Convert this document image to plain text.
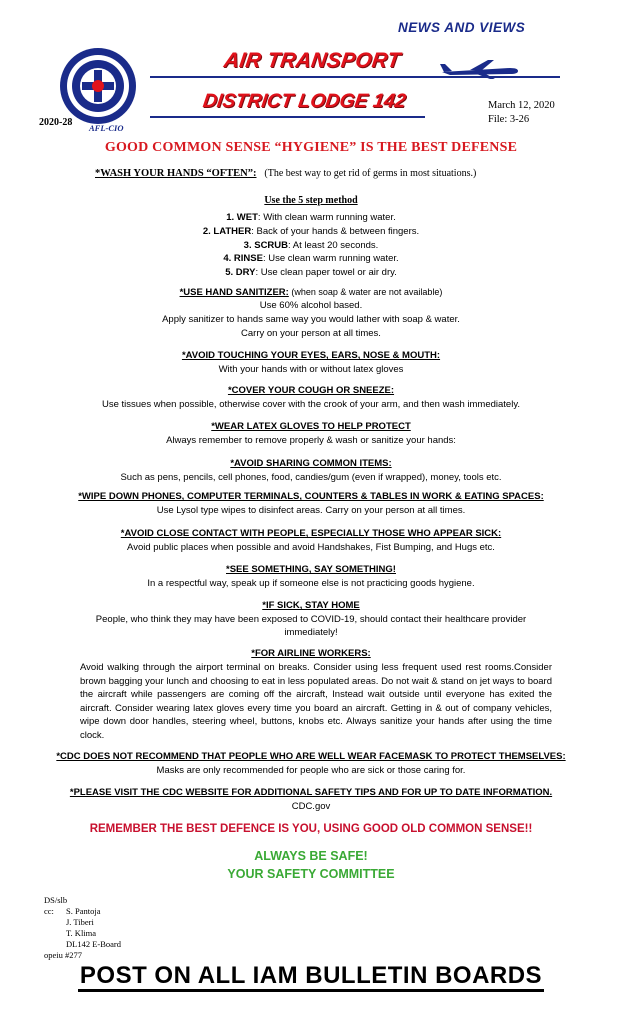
NEWS AND VIEWS
AFL-CIO
AIR TRANSPORT
DISTRICT LODGE 142
2020-28
March 12, 2020
File: 3-26
GOOD COMMON SENSE “HYGIENE” IS THE BEST DEFENSE
*WASH YOUR HANDS “OFTEN”: (The best way to get rid of germs in most situations.)
Use the 5 step method
1. WET: With clean warm running water.
2. LATHER: Back of your hands & between fingers.
3. SCRUB: At least 20 seconds.
4. RINSE: Use clean warm running water.
5. DRY: Use clean paper towel or air dry.
*USE HAND SANITIZER: (when soap & water are not available)
Use 60% alcohol based.
Apply sanitizer to hands same way you would lather with soap & water.
Carry on your person at all times.
*AVOID TOUCHING YOUR EYES, EARS, NOSE & MOUTH:
With your hands with or without latex gloves
*COVER YOUR COUGH OR SNEEZE:
Use tissues when possible, otherwise cover with the crook of your arm, and then wash immediately.
*WEAR LATEX GLOVES TO HELP PROTECT
Always remember to remove properly & wash or sanitize your hands:
*AVOID SHARING COMMON ITEMS:
Such as pens, pencils, cell phones, food, candies/gum (even if wrapped), money, tools etc.
*WIPE DOWN PHONES, COMPUTER TERMINALS, COUNTERS & TABLES IN WORK & EATING SPACES:
Use Lysol type wipes to disinfect areas. Carry on your person at all times.
*AVOID CLOSE CONTACT WITH PEOPLE, ESPECIALLY THOSE WHO APPEAR SICK:
Avoid public places when possible and avoid Handshakes, Fist Bumping, and Hugs etc.
*SEE SOMETHING, SAY SOMETHING!
In a respectful way, speak up if someone else is not practicing goods hygiene.
*IF SICK, STAY HOME
People, who think they may have been exposed to COVID-19, should contact their healthcare provider
immediately!
*FOR AIRLINE WORKERS:
Avoid walking through the airport terminal on breaks. Consider using less frequent used rest rooms.Consider brown bagging your lunch and choosing to eat in less populated areas. Do not wait & stand on jet ways to board the aircraft while passengers are coming off the aircraft, Instead wait outside until everyone has exited the aircraft. Consider wearing latex gloves every time you board an aircraft. Getting in & out of company vehicles, wipe down door handles, steering wheel, buttons, knobs etc. Always sanitize your hands after using the time clock.
*CDC DOES NOT RECOMMEND THAT PEOPLE WHO ARE WELL WEAR FACEMASK TO PROTECT THEMSELVES:
Masks are only recommended for people who are sick or those caring for.
*PLEASE VISIT THE CDC WEBSITE FOR ADDITIONAL SAFETY TIPS AND FOR UP TO DATE INFORMATION.
CDC.gov
REMEMBER THE BEST DEFENCE IS YOU, USING GOOD OLD COMMON SENSE!!
ALWAYS BE SAFE!
YOUR SAFETY COMMITTEE
DS/slb
cc: S. Pantoja
J. Tiberi
T. Klima
DL142 E-Board
opeiu #277
POST ON ALL IAM BULLETIN BOARDS
